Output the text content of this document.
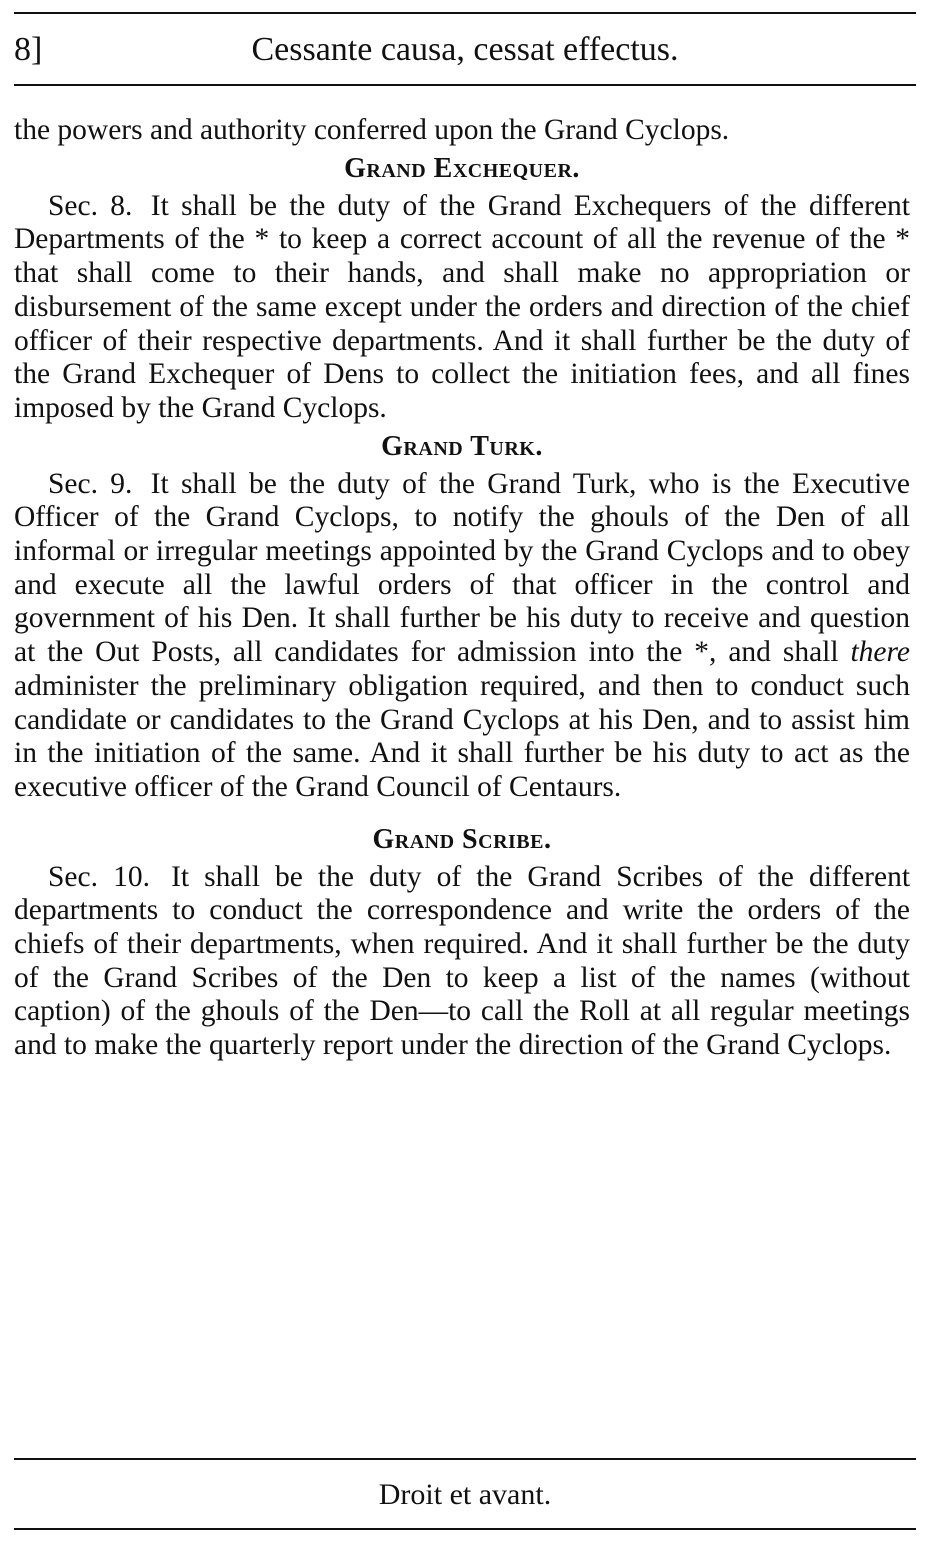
8]	Cessante causa, cessat effectus.

the powers and authority conferred upon the Grand Cyclops.

Grand Exchequer.

Sec. 8. It shall be the duty of the Grand Exchequers of the different Departments of the * to keep a correct account of all the revenue of the * that shall come to their hands, and shall make no appropriation or disbursement of the same except under the orders and direction of the chief officer of their respective departments. And it shall further be the duty of the Grand Exchequer of Dens to collect the initiation fees, and all fines imposed by the Grand Cyclops.

Grand Turk.

Sec. 9. It shall be the duty of the Grand Turk, who is the Executive Officer of the Grand Cyclops, to notify the ghouls of the Den of all informal or irregular meetings appointed by the Grand Cyclops and to obey and execute all the lawful orders of that officer in the control and government of his Den. It shall further be his duty to receive and question at the Out Posts, all candidates for admission into the *, and shall there administer the preliminary obligation required, and then to conduct such candidate or candidates to the Grand Cyclops at his Den, and to assist him in the initiation of the same. And it shall further be his duty to act as the executive officer of the Grand Council of Centaurs.

Grand Scribe.

Sec. 10. It shall be the duty of the Grand Scribes of the different departments to conduct the correspondence and write the orders of the chiefs of their departments, when required. And it shall further be the duty of the Grand Scribes of the Den to keep a list of the names (without caption) of the ghouls of the Den—to call the Roll at all regular meetings and to make the quarterly report under the direction of the Grand Cyclops.

Droit et avant.
